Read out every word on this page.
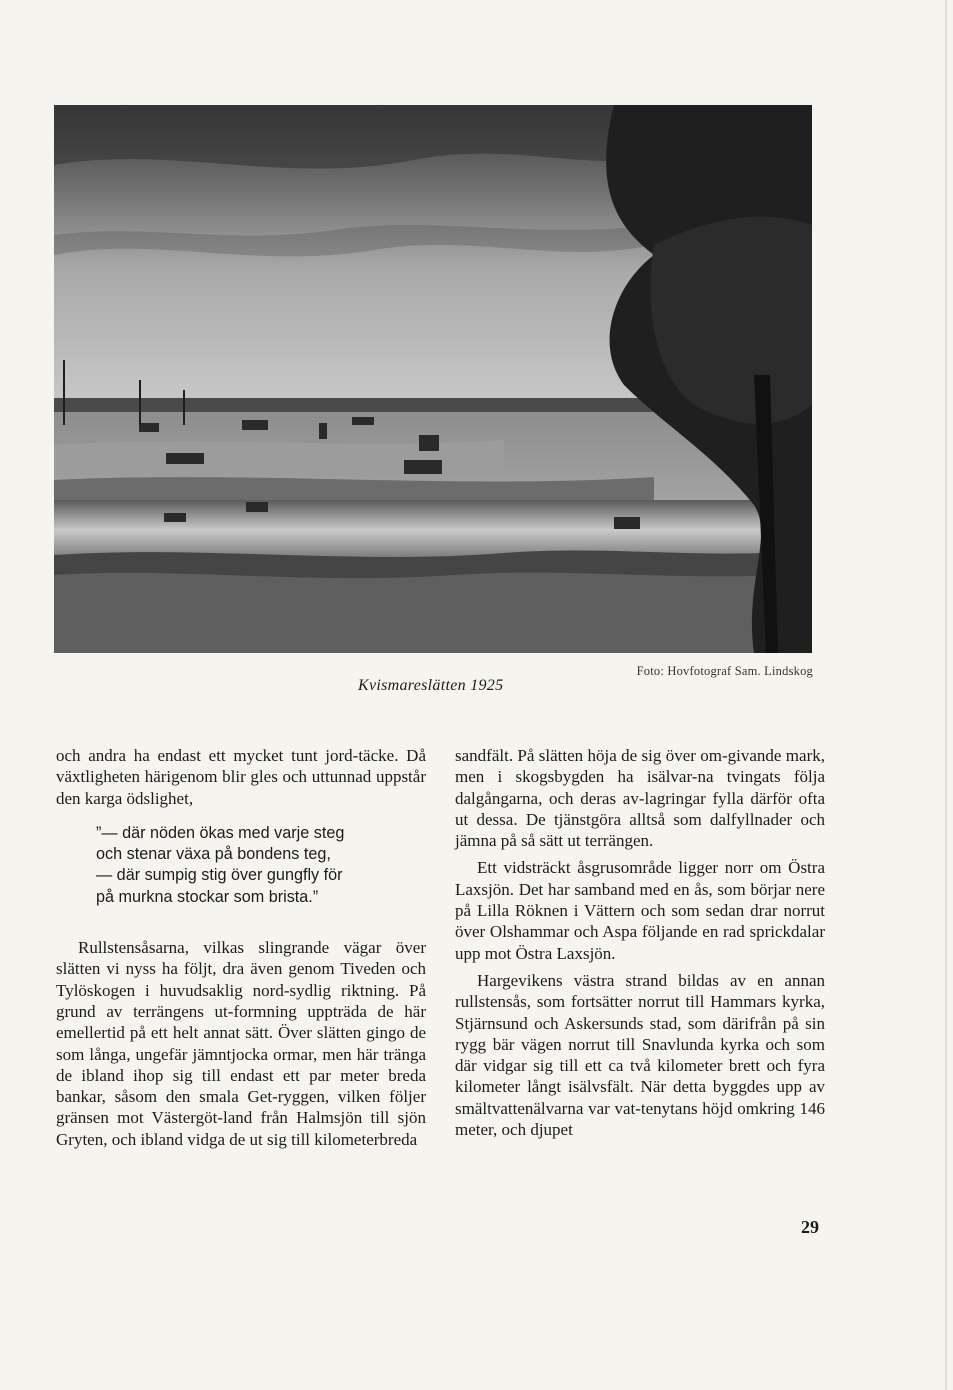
Kvismareslätten 1925
Foto: Hovfotograf Sam. Lindskog

och andra ha endast ett mycket tunt jord-täcke. Då växtligheten härigenom blir gles och uttunnad uppstår den karga ödslighet,

”— där nöden ökas med varje steg
och stenar växa på bondens teg,
— där sumpig stig över gungfly för
på murkna stockar som brista.”

Rullstensåsarna, vilkas slingrande vägar över slätten vi nyss ha följt, dra även genom Tiveden och Tylöskogen i huvudsaklig nord-sydlig riktning. På grund av terrängens ut-formning uppträda de här emellertid på ett helt annat sätt. Över slätten gingo de som långa, ungefär jämntjocka ormar, men här tränga de ibland ihop sig till endast ett par meter breda bankar, såsom den smala Get-ryggen, vilken följer gränsen mot Västergöt-land från Halmsjön till sjön Gryten, och ibland vidga de ut sig till kilometerbreda

sandfält. På slätten höja de sig över om-givande mark, men i skogsbygden ha isälvar-na tvingats följa dalgångarna, och deras av-lagringar fylla därför ofta ut dessa. De tjänstgöra alltså som dalfyllnader och jämna på så sätt ut terrängen.

Ett vidsträckt åsgrusområde ligger norr om Östra Laxsjön. Det har samband med en ås, som börjar nere på Lilla Röknen i Vättern och som sedan drar norrut över Olshammar och Aspa följande en rad sprickdalar upp mot Östra Laxsjön.

Hargevikens västra strand bildas av en annan rullstensås, som fortsätter norrut till Hammars kyrka, Stjärnsund och Askersunds stad, som därifrån på sin rygg bär vägen norrut till Snavlunda kyrka och som där vidgar sig till ett ca två kilometer brett och fyra kilometer långt isälvsfält. När detta byggdes upp av smältvattenälvarna var vat-tenytans höjd omkring 146 meter, och djupet

29
